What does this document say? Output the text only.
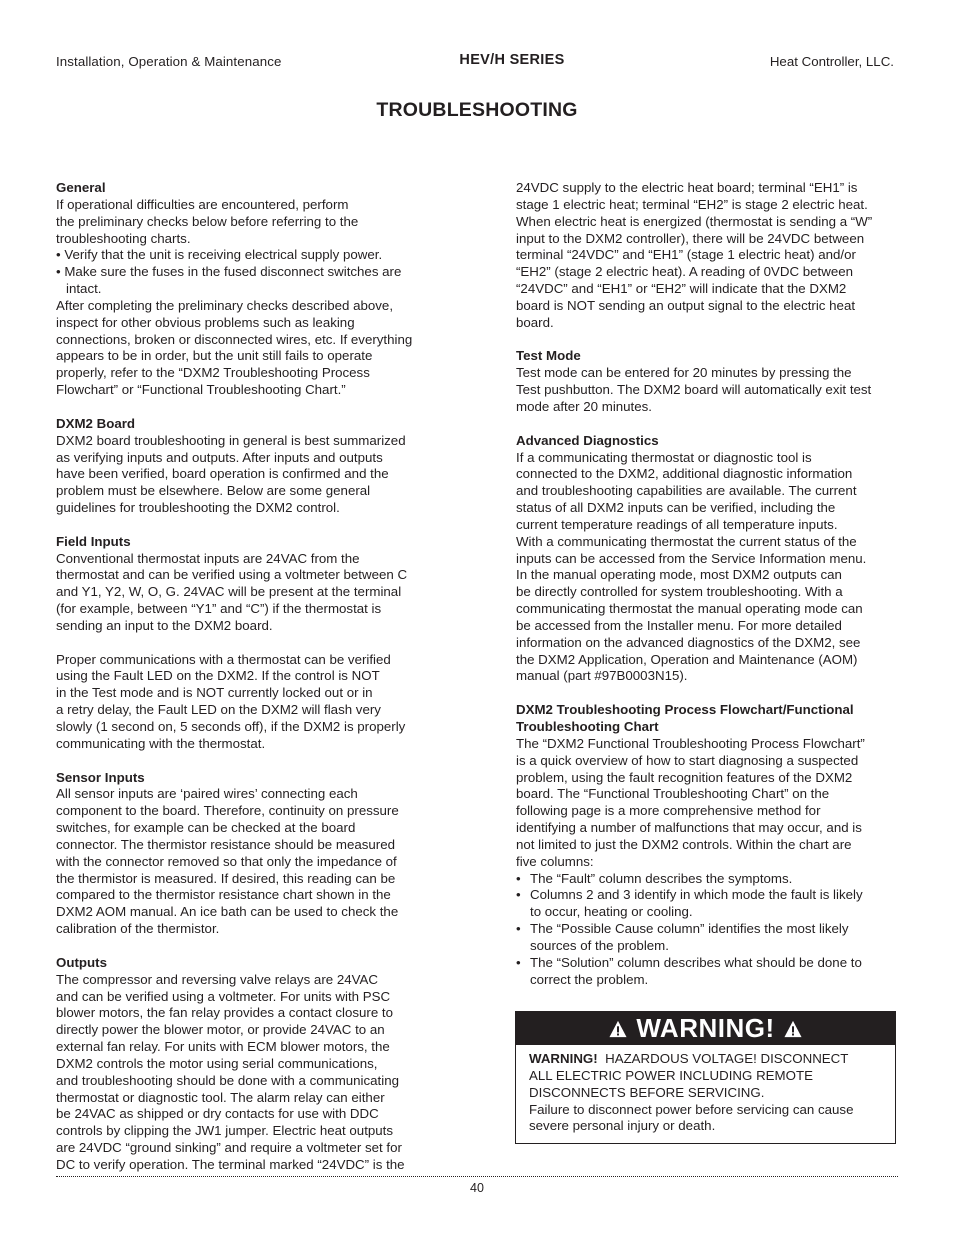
Installation, Operation & Maintenance	HEV/H SERIES	Heat Controller, LLC.
TROUBLESHOOTING
General

If operational difficulties are encountered, perform

the preliminary checks below before referring to the

troubleshooting charts.

• Verify that the unit is receiving electrical supply power.

• Make sure the fuses in the fused disconnect switches are

intact.

After completing the preliminary checks described above,

inspect for other obvious problems such as leaking

connections, broken or disconnected wires, etc. If everything

appears to be in order, but the unit still fails to operate

properly, refer to the “DXM2 Troubleshooting Process

Flowchart” or “Functional Troubleshooting Chart.”

DXM2 Board

DXM2 board troubleshooting in general is best summarized

as verifying inputs and outputs. After inputs and outputs

have been verified, board operation is confirmed and the

problem must be elsewhere. Below are some general

guidelines for troubleshooting the DXM2 control.

Field Inputs

Conventional thermostat inputs are 24VAC from the

thermostat and can be verified using a voltmeter between C

and Y1, Y2, W, O, G. 24VAC will be present at the terminal

(for example, between “Y1” and “C”) if the thermostat is

sending an input to the DXM2 board.

Proper communications with a thermostat can be verified

using the Fault LED on the DXM2. If the control is NOT

in the Test mode and is NOT currently locked out or in

a retry delay, the Fault LED on the DXM2 will flash very

slowly (1 second on, 5 seconds off), if the DXM2 is properly

communicating with the thermostat.

Sensor Inputs

All sensor inputs are ‘paired wires’ connecting each

component to the board. Therefore, continuity on pressure

switches, for example can be checked at the board

connector. The thermistor resistance should be measured

with the connector removed so that only the impedance of

the thermistor is measured. If desired, this reading can be

compared to the thermistor resistance chart shown in the

DXM2 AOM manual. An ice bath can be used to check the

calibration of the thermistor.

Outputs

The compressor and reversing valve relays are 24VAC

and can be verified using a voltmeter. For units with PSC

blower motors, the fan relay provides a contact closure to

directly power the blower motor, or provide 24VAC to an

external fan relay. For units with ECM blower motors, the

DXM2 controls the motor using serial communications,

and troubleshooting should be done with a communicating

thermostat or diagnostic tool. The alarm relay can either

be 24VAC as shipped or dry contacts for use with DDC

controls by clipping the JW1 jumper. Electric heat outputs

are 24VDC “ground sinking” and require a voltmeter set for

DC to verify operation. The terminal marked “24VDC” is the

24VDC supply to the electric heat board; terminal “EH1” is

stage 1 electric heat; terminal “EH2” is stage 2 electric heat.

When electric heat is energized (thermostat is sending a “W”

input to the DXM2 controller), there will be 24VDC between

terminal “24VDC” and “EH1” (stage 1 electric heat) and/or

“EH2” (stage 2 electric heat). A reading of 0VDC between

“24VDC” and “EH1” or “EH2” will indicate that the DXM2

board is NOT sending an output signal to the electric heat

board.

Test Mode

Test mode can be entered for 20 minutes by pressing the

Test pushbutton. The DXM2 board will automatically exit test

mode after 20 minutes.

Advanced Diagnostics

If a communicating thermostat or diagnostic tool is

connected to the DXM2, additional diagnostic information

and troubleshooting capabilities are available. The current

status of all DXM2 inputs can be verified, including the

current temperature readings of all temperature inputs.

With a communicating thermostat the current status of the

inputs can be accessed from the Service Information menu.

In the manual operating mode, most DXM2 outputs can

be directly controlled for system troubleshooting. With a

communicating thermostat the manual operating mode can

be accessed from the Installer menu. For more detailed

information on the advanced diagnostics of the DXM2, see

the DXM2 Application, Operation and Maintenance (AOM)

manual (part #97B0003N15).

DXM2 Troubleshooting Process Flowchart/Functional
Troubleshooting Chart

The “DXM2 Functional Troubleshooting Process Flowchart”

is a quick overview of how to start diagnosing a suspected

problem, using the fault recognition features of the DXM2

board. The “Functional Troubleshooting Chart” on the

following page is a more comprehensive method for

identifying a number of malfunctions that may occur, and is

not limited to just the DXM2 controls. Within the chart are

five columns:

• The “Fault” column describes the symptoms.

• Columns 2 and 3 identify in which mode the fault is likely

to occur, heating or cooling.

• The “Possible Cause column” identifies the most likely

sources of the problem.

• The “Solution” column describes what should be done to

correct the problem.

WARNING!

WARNING!  HAZARDOUS VOLTAGE! DISCONNECT

ALL ELECTRIC POWER INCLUDING REMOTE

DISCONNECTS BEFORE SERVICING.

Failure to disconnect power before servicing can cause

severe personal injury or death.

40
